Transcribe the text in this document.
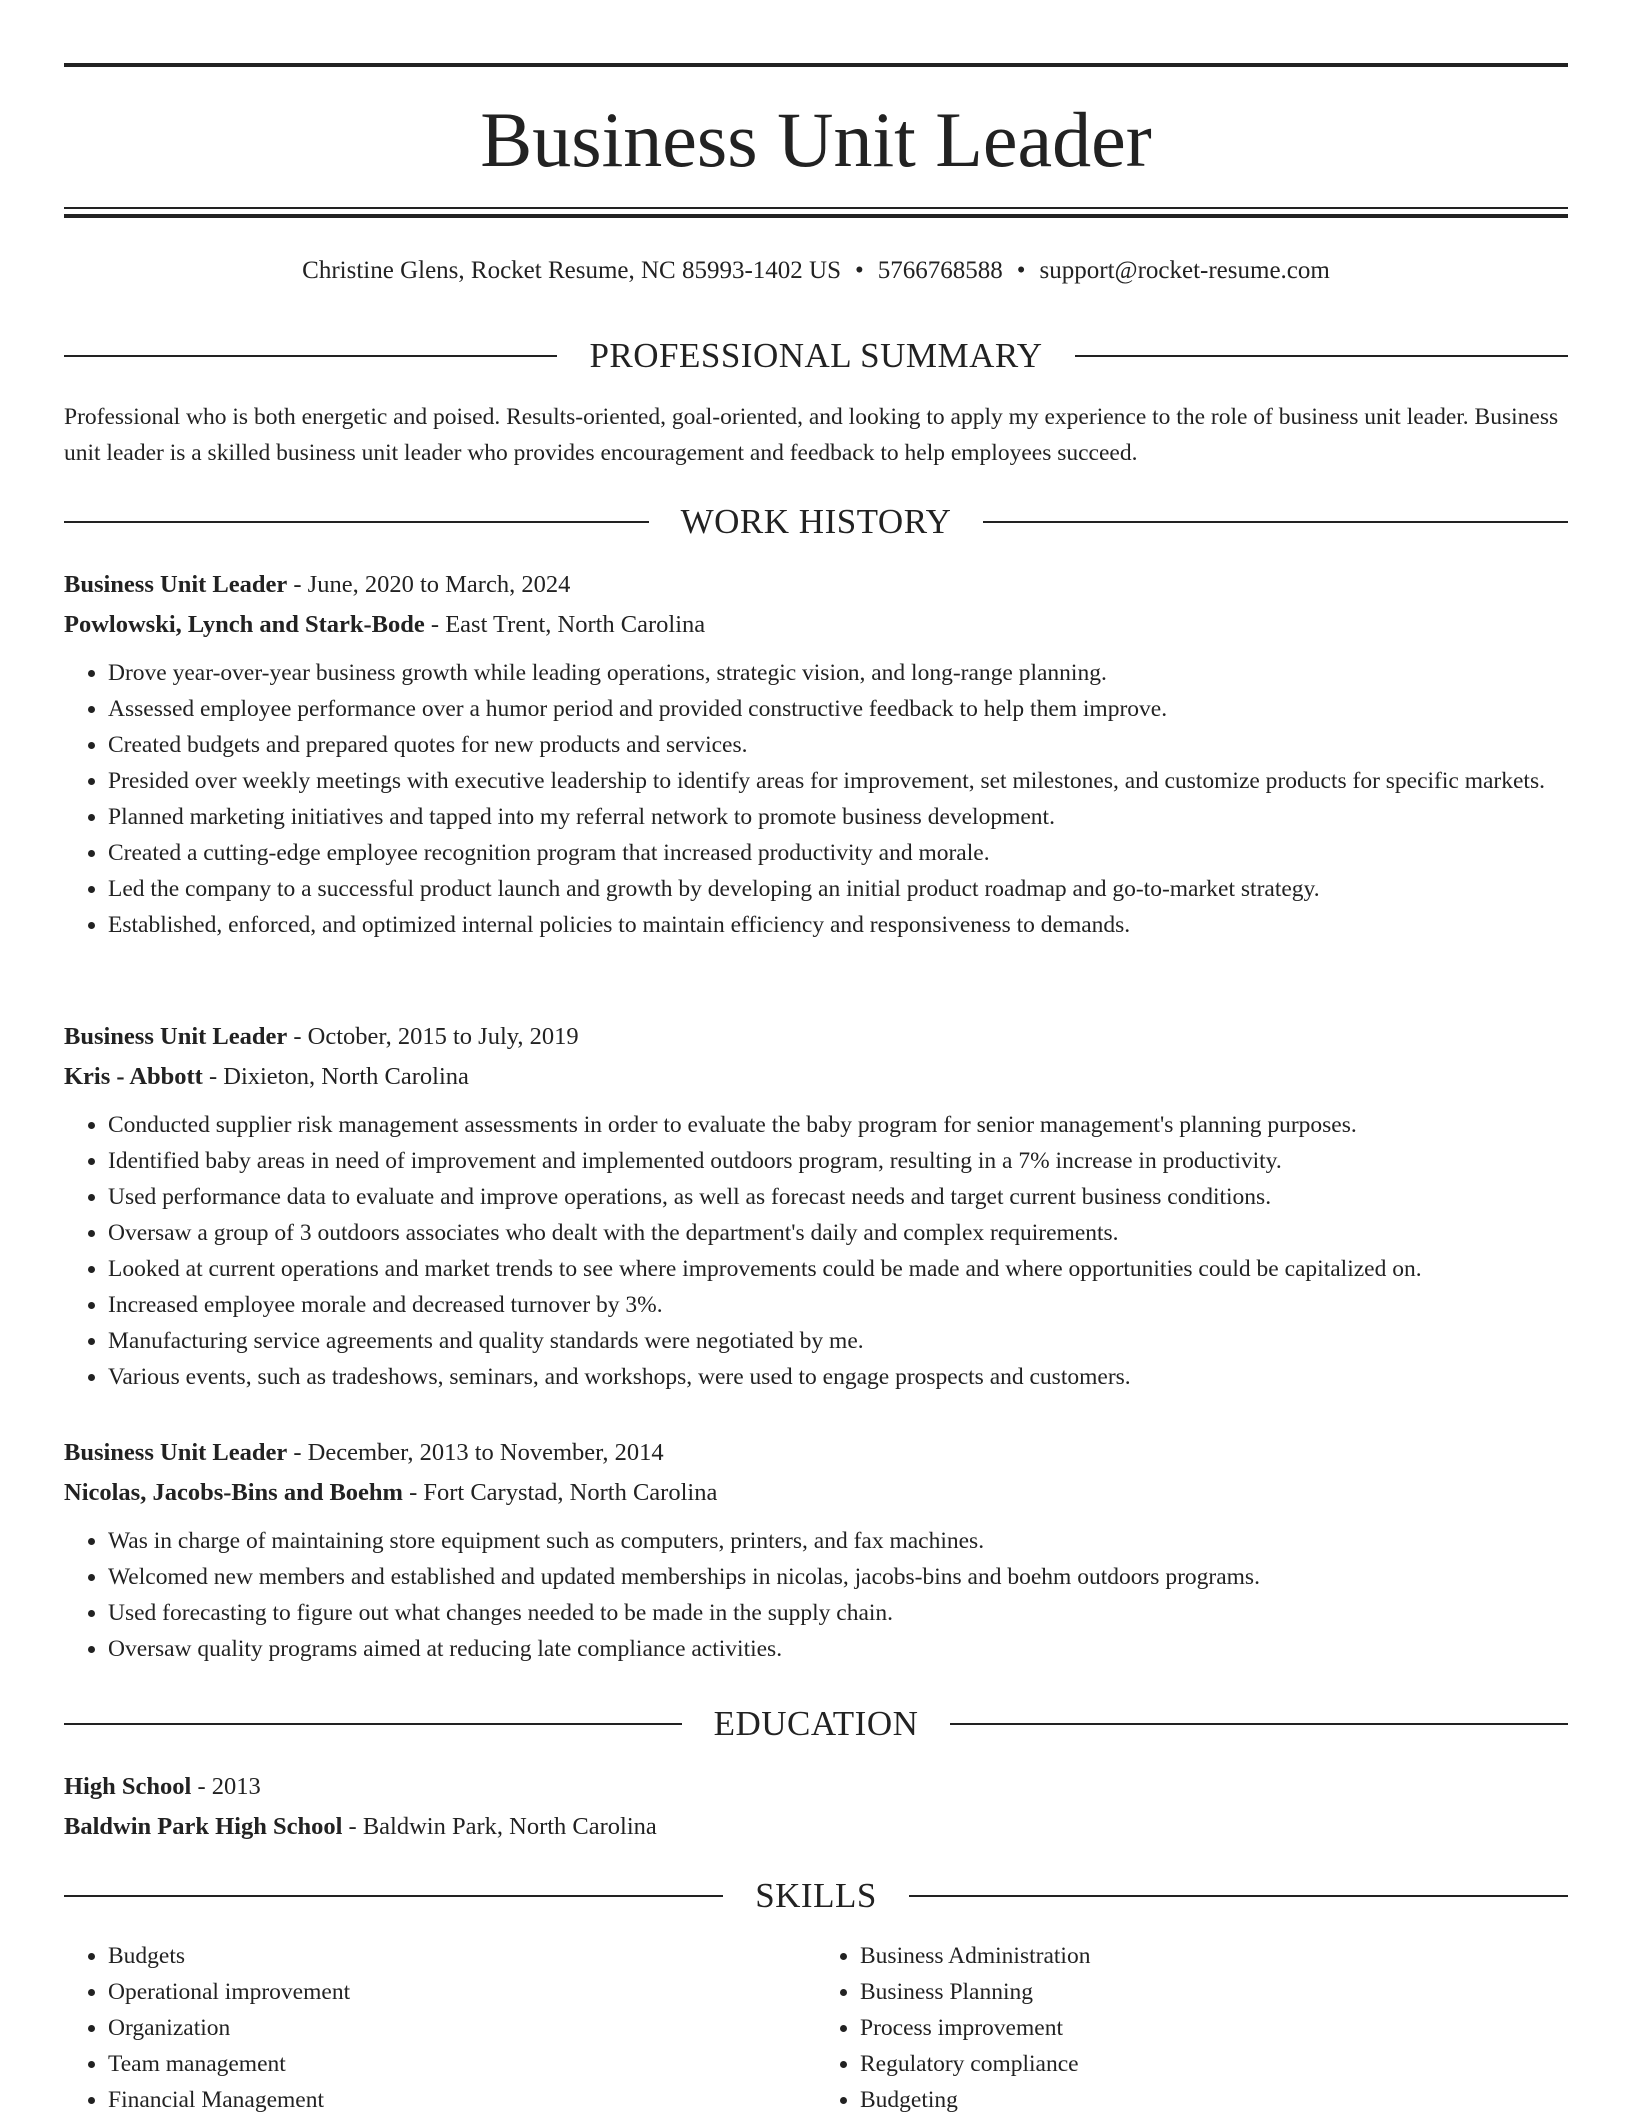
Business Unit Leader
Christine Glens, Rocket Resume, NC 85993-1402 US • 5766768588 • support@rocket-resume.com
PROFESSIONAL SUMMARY

Professional who is both energetic and poised. Results-oriented, goal-oriented, and looking to apply my experience to the role of business unit leader. Business unit leader is a skilled business unit leader who provides encouragement and feedback to help employees succeed.

WORK HISTORY
Business Unit Leader - June, 2020 to March, 2024
Powlowski, Lynch and Stark-Bode - East Trent, North Carolina
• Drove year-over-year business growth while leading operations, strategic vision, and long-range planning.
• Assessed employee performance over a humor period and provided constructive feedback to help them improve.
• Created budgets and prepared quotes for new products and services.
• Presided over weekly meetings with executive leadership to identify areas for improvement, set milestones, and customize products for specific markets.
• Planned marketing initiatives and tapped into my referral network to promote business development.
• Created a cutting-edge employee recognition program that increased productivity and morale.
• Led the company to a successful product launch and growth by developing an initial product roadmap and go-to-market strategy.
• Established, enforced, and optimized internal policies to maintain efficiency and responsiveness to demands.
Business Unit Leader - October, 2015 to July, 2019
Kris - Abbott - Dixieton, North Carolina
• Conducted supplier risk management assessments in order to evaluate the baby program for senior management's planning purposes.
• Identified baby areas in need of improvement and implemented outdoors program, resulting in a 7% increase in productivity.
• Used performance data to evaluate and improve operations, as well as forecast needs and target current business conditions.
• Oversaw a group of 3 outdoors associates who dealt with the department's daily and complex requirements.
• Looked at current operations and market trends to see where improvements could be made and where opportunities could be capitalized on.
• Increased employee morale and decreased turnover by 3%.
• Manufacturing service agreements and quality standards were negotiated by me.
• Various events, such as tradeshows, seminars, and workshops, were used to engage prospects and customers.
Business Unit Leader - December, 2013 to November, 2014
Nicolas, Jacobs-Bins and Boehm - Fort Carystad, North Carolina
• Was in charge of maintaining store equipment such as computers, printers, and fax machines.
• Welcomed new members and established and updated memberships in nicolas, jacobs-bins and boehm outdoors programs.
• Used forecasting to figure out what changes needed to be made in the supply chain.
• Oversaw quality programs aimed at reducing late compliance activities.
EDUCATION
High School - 2013
Baldwin Park High School - Baldwin Park, North Carolina
SKILLS
• Budgets
• Operational improvement
• Organization
• Team management
• Financial Management
• Business Administration
• Business Planning
• Process improvement
• Regulatory compliance
• Budgeting
